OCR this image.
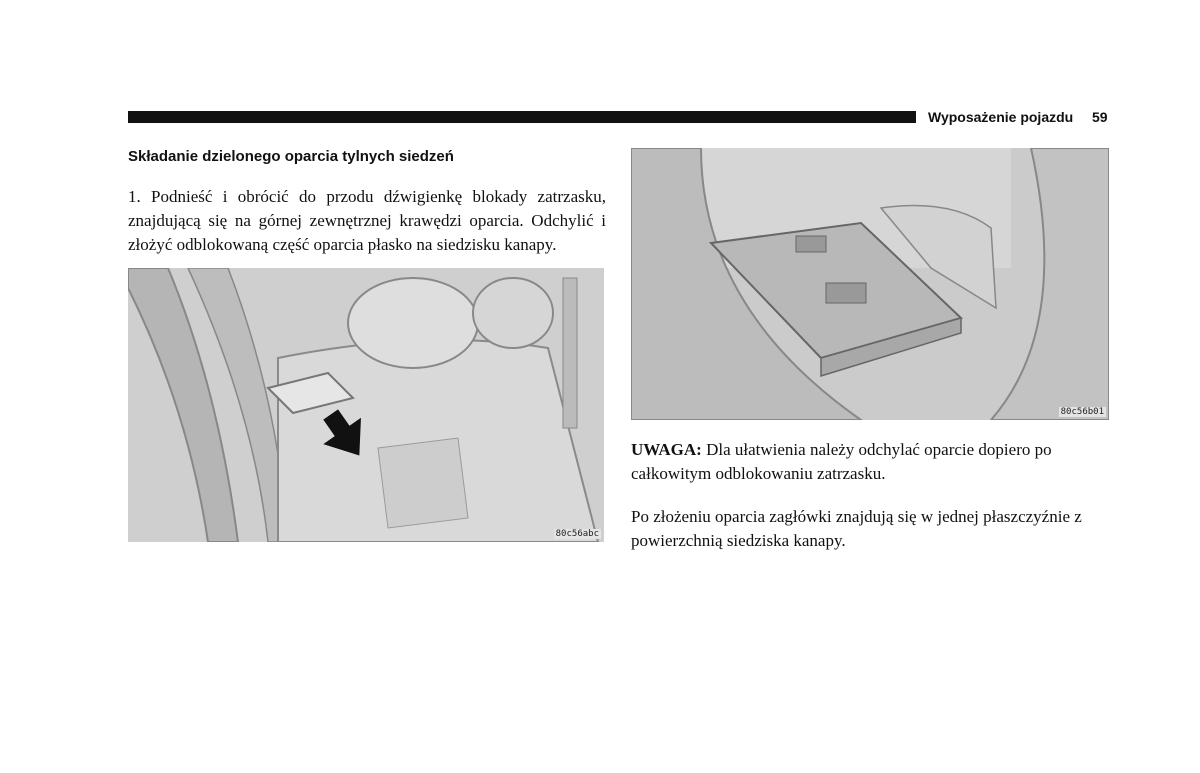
Wyposażenie pojazdu 59
Składanie dzielonego oparcia tylnych siedzeń
1. Podnieść i obrócić do przodu dźwigienkę blokady zatrzasku, znajdującą się na górnej zewnętrznej krawędzi oparcia. Odchylić i złożyć odblokowaną część oparcia płasko na siedzisku kanapy.
80c56abc
80c56b01
UWAGA: Dla ułatwienia należy odchylać oparcie dopiero po całkowitym odblokowaniu zatrzasku.
Po złożeniu oparcia zagłówki znajdują się w jednej płaszczyźnie z powierzchnią siedziska kanapy.
